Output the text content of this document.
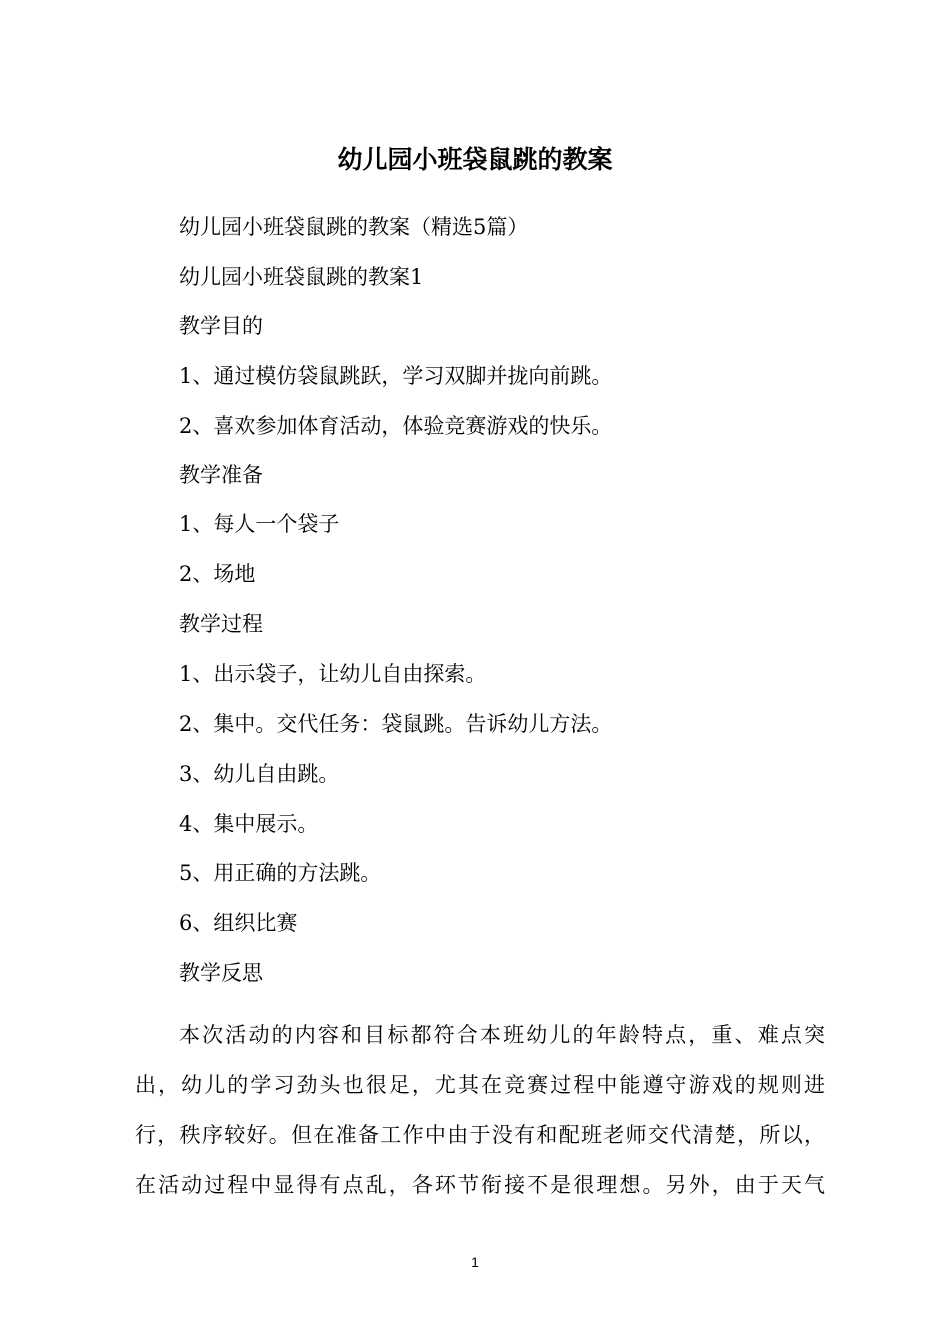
幼儿园小班袋鼠跳的教案

幼儿园小班袋鼠跳的教案（精选5篇）

幼儿园小班袋鼠跳的教案1

教学目的

1、通过模仿袋鼠跳跃，学习双脚并拢向前跳。

2、喜欢参加体育活动，体验竞赛游戏的快乐。

教学准备

1、每人一个袋子

2、场地

教学过程

1、出示袋子，让幼儿自由探索。

2、集中。交代任务：袋鼠跳。告诉幼儿方法。

3、幼儿自由跳。

4、集中展示。

5、用正确的方法跳。

6、组织比赛

教学反思

本次活动的内容和目标都符合本班幼儿的年龄特点，重、难点突
出，幼儿的学习劲头也很足，尤其在竞赛过程中能遵守游戏的规则进
行，秩序较好。但在准备工作中由于没有和配班老师交代清楚，所以，
在活动过程中显得有点乱，各环节衔接不是很理想。另外，由于天气
1
